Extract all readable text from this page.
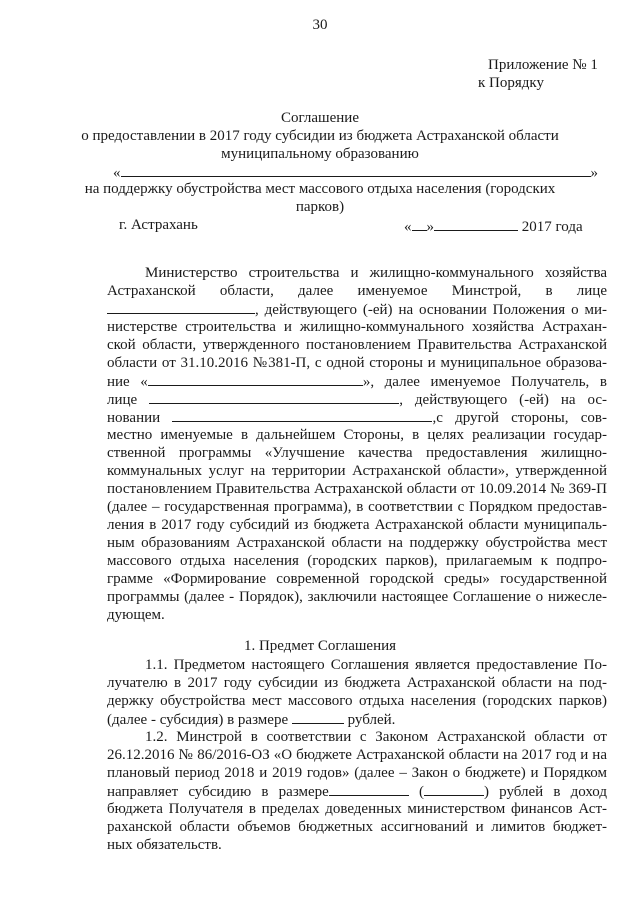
30
Приложение № 1
к Порядку
Соглашение
о предоставлении в 2017 году субсидии из бюджета Астраханской области
муниципальному образованию
«	»
на поддержку обустройства мест массового отдыха населения (городских
парков)
г. Астрахань	« »	2017 года
Министерство строительства и жилищно-коммунального хозяйства
Астраханской области, далее именуемое Минстрой, в лице
, действующего (-ей) на основании Положения о ми-
нистерстве строительства и жилищно-коммунального хозяйства Астрахан-
ской области, утвержденного постановлением Правительства Астраханской
области от 31.10.2016 №381-П, с одной стороны и муниципальное образова-
ние «	», далее именуемое Получатель, в
лице	, действующего (-ей) на ос-
новании	,с другой стороны, сов-
местно именуемые в дальнейшем Стороны, в целях реализации государ-
ственной программы «Улучшение качества предоставления жилищно-
коммунальных услуг на территории Астраханской области», утвержденной
постановлением Правительства Астраханской области от 10.09.2014 № 369-П
(далее – государственная программа), в соответствии с Порядком предостав-
ления в 2017 году субсидий из бюджета Астраханской области муниципаль-
ным образованиям Астраханской области на поддержку обустройства мест
массового отдыха населения (городских парков), прилагаемым к подпро-
грамме «Формирование современной городской среды» государственной
программы (далее - Порядок), заключили настоящее Соглашение о нижесле-
дующем.
1. Предмет Соглашения
1.1. Предметом настоящего Соглашения является предоставление По-
лучателю в 2017 году субсидии из бюджета Астраханской области на под-
держку обустройства мест массового отдыха населения (городских парков)
(далее - субсидия) в размере	рублей.
1.2. Минстрой в соответствии с Законом Астраханской области от
26.12.2016 № 86/2016-ОЗ «О бюджете Астраханской области на 2017 год и на
плановый период 2018 и 2019 годов» (далее – Закон о бюджете) и Порядком
направляет субсидию в размере	(	) рублей в доход
бюджета Получателя в пределах доведенных министерством финансов Аст-
раханской области объемов бюджетных ассигнований и лимитов бюджет-
ных обязательств.
